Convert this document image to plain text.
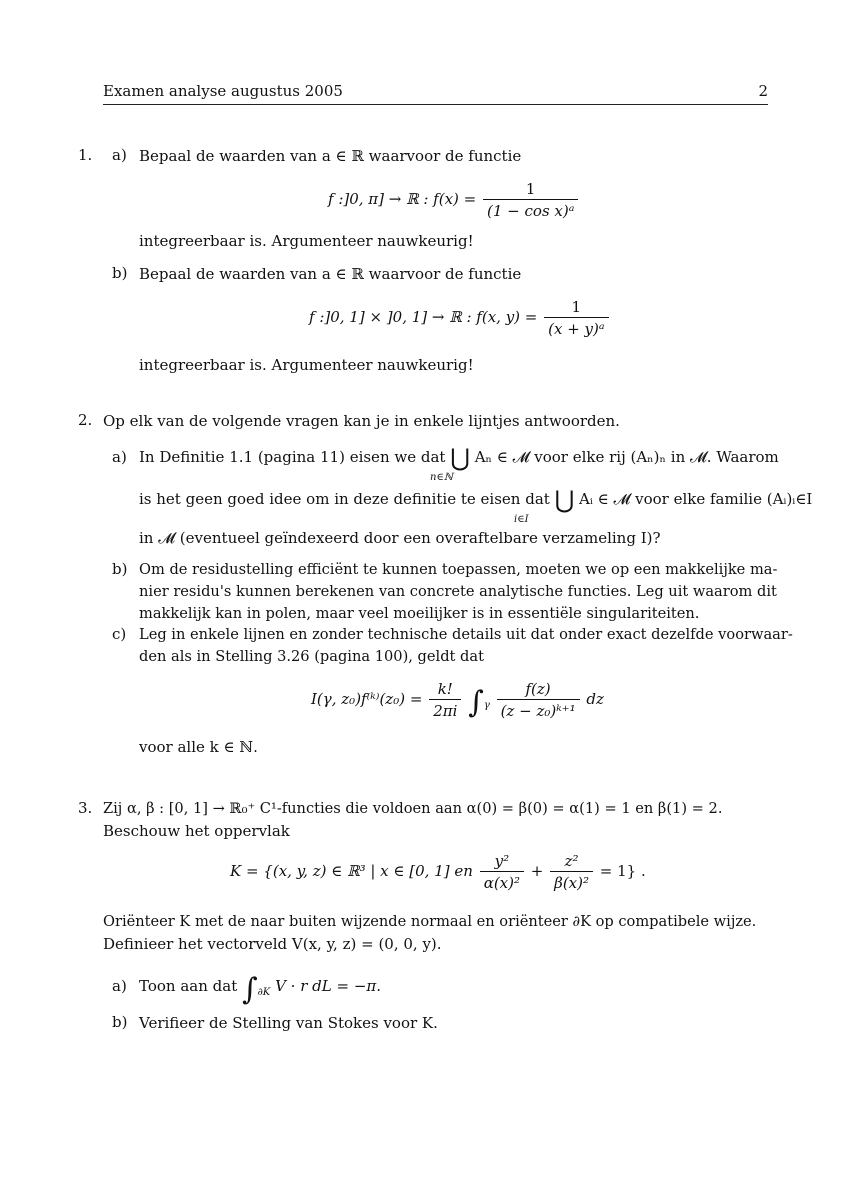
Examen analyse augustus 2005	2
1. a) Bepaal de waarden van a ∈ ℝ waarvoor de functie
f :]0, π] → ℝ : $f(x) = \frac{1}{\text{(1 − cos x)ᵃ}}$
integreerbaar is. Argumenteer nauwkeurig!
b) Bepaal de waarden van a ∈ ℝ waarvoor de functie
f :]0, 1] × ]0, 1] → ℝ : f(x, $y) = \frac{1}{\text{(x + y)ᵃ}}$
integreerbaar is. Argumenteer nauwkeurig!
2. Op elk van de volgende vragen kan je in enkele lijntjes antwoorden.
a) In Definitie 1.1 (pagina 11) eisen we dat ⋃ Aₙ ∈ 𝓜 voor elke rij (Aₙ)ₙ in 𝓜. Waarom
n∈ℕ
is het geen goed idee om in deze definitie te eisen dat ⋃ Aᵢ ∈ 𝓜 voor elke familie (Aᵢ)ᵢ∈I
i∈I
in 𝓜 (eventueel geïndexeerd door een overaftelbare verzameling I)?
b) Om de residustelling efficiënt te kunnen toepassen, moeten we op een makkelijke ma-
nier residu's kunnen berekenen van concrete analytische functies. Leg uit waarom dit
makkelijk kan in polen, maar veel moeilijker is in essentiële singulariteiten.
c) Leg in enkele lijnen en zonder technische details uit dat onder exact dezelfde voorwaar-
den als in Stelling 3.26 (pagina 100), geldt dat
I(γ, z₀)f⁽ᵏ⁾(z₀) = $\frac{k!}{2\pi i} \int_\gamma \frac{f(z)}{\text{(z − z₀)ᵏ⁺¹}}$ dz
voor alle k ∈ ℕ.
3. Zij α, β : [0, 1] → ℝ₀⁺ C¹-functies die voldoen aan α(0) = β(0) = α(1) = 1 en β(1) = 2.
Beschouw het oppervlak
K = {(x, y, z) ∈ ℝ³ | x ∈ [0, 1] en $\frac{\text{y²}}{\text{α(x)²}} + \frac{\text{z²}}{\text{β(x)²}} = 1$} .
Oriënteer K met de naar buiten wijzende normaal en oriënteer ∂K op compatibele wijze.
Definieer het vectorveld V(x, y, z) = (0, 0, y).
a) Toon aan dat $\int_{\partial K}$ V · r dL = −π.
b) Verifieer de Stelling van Stokes voor K.
